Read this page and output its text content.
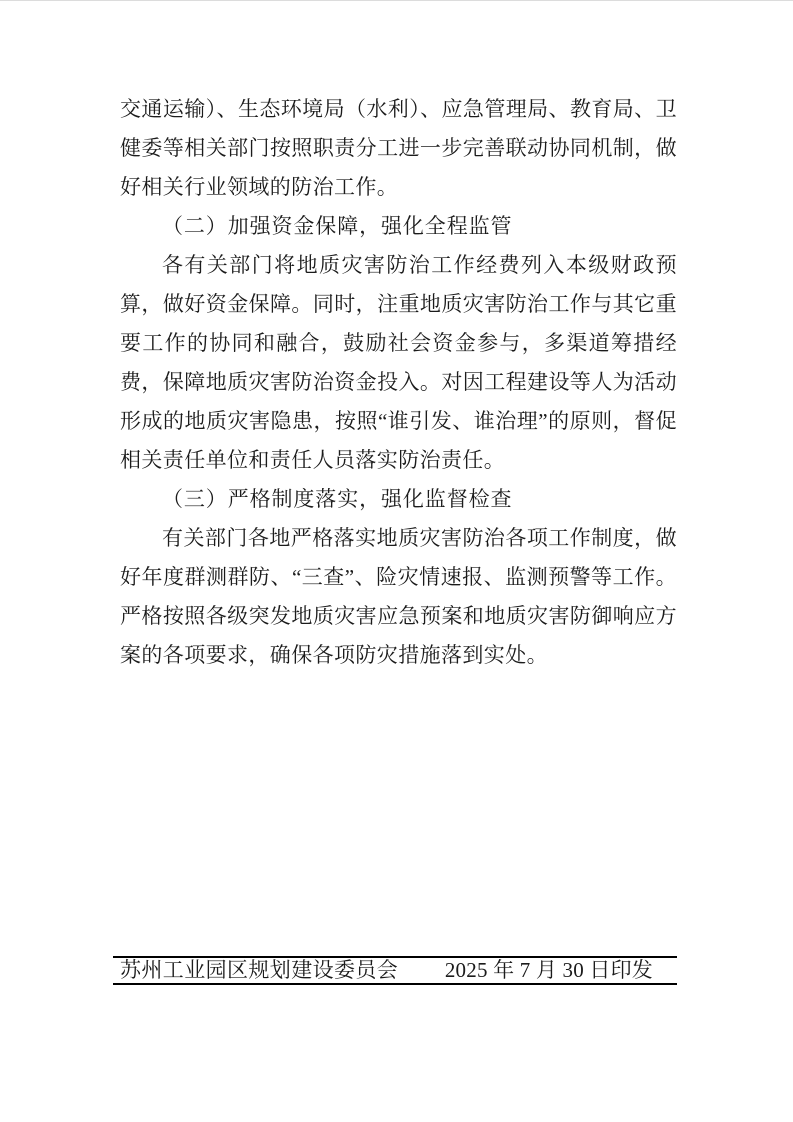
交通运输）、生态环境局（水利）、应急管理局、教育局、卫健委等相关部门按照职责分工进一步完善联动协同机制，做好相关行业领域的防治工作。

（二）加强资金保障，强化全程监管

各有关部门将地质灾害防治工作经费列入本级财政预算，做好资金保障。同时，注重地质灾害防治工作与其它重要工作的协同和融合，鼓励社会资金参与，多渠道筹措经费，保障地质灾害防治资金投入。对因工程建设等人为活动形成的地质灾害隐患，按照“谁引发、谁治理”的原则，督促相关责任单位和责任人员落实防治责任。

（三）严格制度落实，强化监督检查

有关部门各地严格落实地质灾害防治各项工作制度，做好年度群测群防、“三查”、险灾情速报、监测预警等工作。严格按照各级突发地质灾害应急预案和地质灾害防御响应方案的各项要求，确保各项防灾措施落到实处。

苏州工业园区规划建设委员会 2025 年 7 月 30 日印发
